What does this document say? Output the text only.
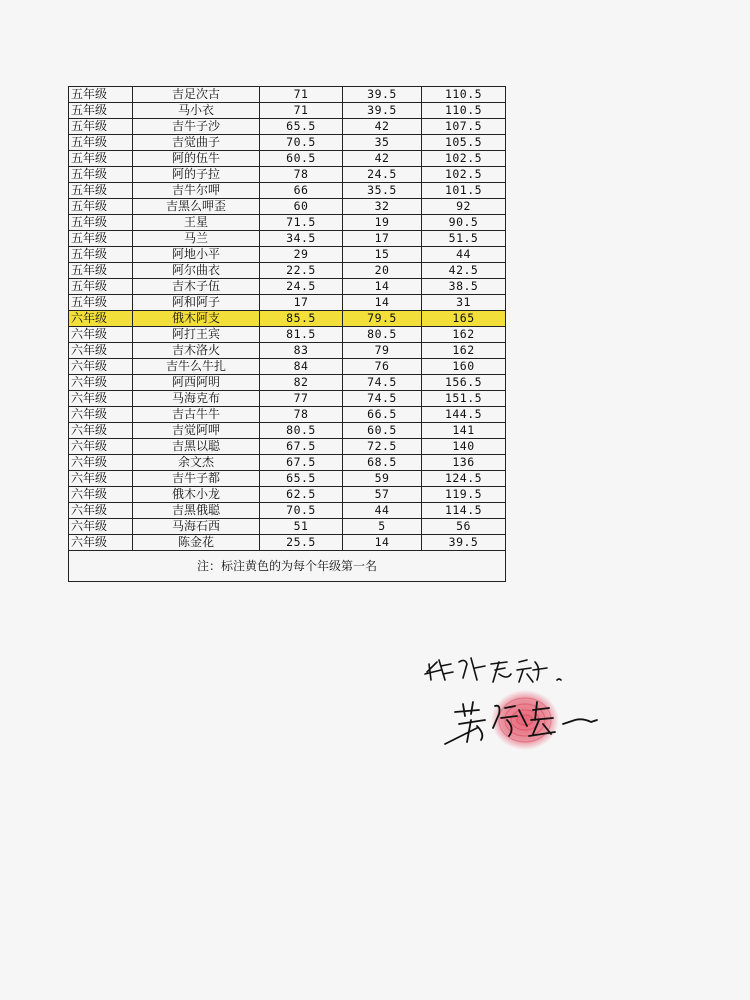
五年级	吉足次古	71	39.5	110.5
五年级	马小衣	71	39.5	110.5
五年级	吉牛子沙	65.5	42	107.5
五年级	吉觉曲子	70.5	35	105.5
五年级	阿的伍牛	60.5	42	102.5
五年级	阿的子拉	78	24.5	102.5
五年级	吉牛尔呷	66	35.5	101.5
五年级	吉黑么呷歪	60	32	92
五年级	王星	71.5	19	90.5
五年级	马兰	34.5	17	51.5
五年级	阿地小平	29	15	44
五年级	阿尔曲衣	22.5	20	42.5
五年级	吉木子伍	24.5	14	38.5
五年级	阿和阿子	17	14	31
六年级	俄木阿支	85.5	79.5	165
六年级	阿打王宾	81.5	80.5	162
六年级	吉木洛火	83	79	162
六年级	吉牛么牛扎	84	76	160
六年级	阿西阿明	82	74.5	156.5
六年级	马海克布	77	74.5	151.5
六年级	吉古牛牛	78	66.5	144.5
六年级	吉觉阿呷	80.5	60.5	141
六年级	吉黑以聪	67.5	72.5	140
六年级	余文杰	67.5	68.5	136
六年级	吉牛子都	65.5	59	124.5
六年级	俄木小龙	62.5	57	119.5
六年级	吉黑俄聪	70.5	44	114.5
六年级	马海石西	51	5	56
六年级	陈金花	25.5	14	39.5
注：标注黄色的为每个年级第一名				
